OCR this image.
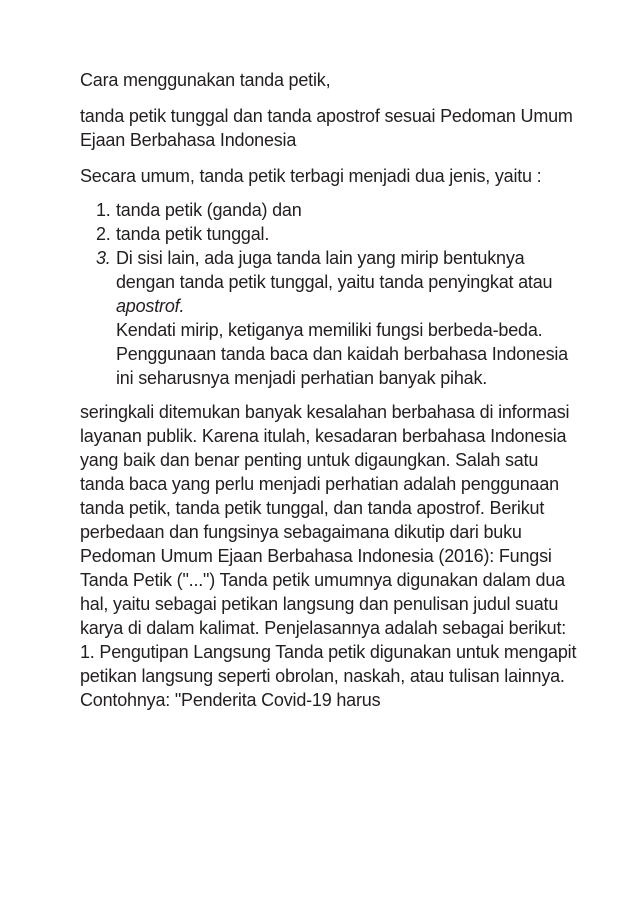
Cara menggunakan tanda petik,

tanda petik tunggal dan tanda apostrof sesuai Pedoman Umum Ejaan Berbahasa Indonesia

Secara umum, tanda petik terbagi menjadi dua jenis, yaitu :

1. tanda petik (ganda) dan
2. tanda petik tunggal.
3. Di sisi lain, ada juga tanda lain yang mirip bentuknya dengan tanda petik tunggal, yaitu tanda penyingkat atau apostrof.
Kendati mirip, ketiganya memiliki fungsi berbeda-beda. Penggunaan tanda baca dan kaidah berbahasa Indonesia ini seharusnya menjadi perhatian banyak pihak.

seringkali ditemukan banyak kesalahan berbahasa di informasi layanan publik. Karena itulah, kesadaran berbahasa Indonesia yang baik dan benar penting untuk digaungkan. Salah satu tanda baca yang perlu menjadi perhatian adalah penggunaan tanda petik, tanda petik tunggal, dan tanda apostrof. Berikut perbedaan dan fungsinya sebagaimana dikutip dari buku Pedoman Umum Ejaan Berbahasa Indonesia (2016): Fungsi Tanda Petik ("...") Tanda petik umumnya digunakan dalam dua hal, yaitu sebagai petikan langsung dan penulisan judul suatu karya di dalam kalimat. Penjelasannya adalah sebagai berikut: 1. Pengutipan Langsung Tanda petik digunakan untuk mengapit petikan langsung seperti obrolan, naskah, atau tulisan lainnya. Contohnya: "Penderita Covid-19 harus
